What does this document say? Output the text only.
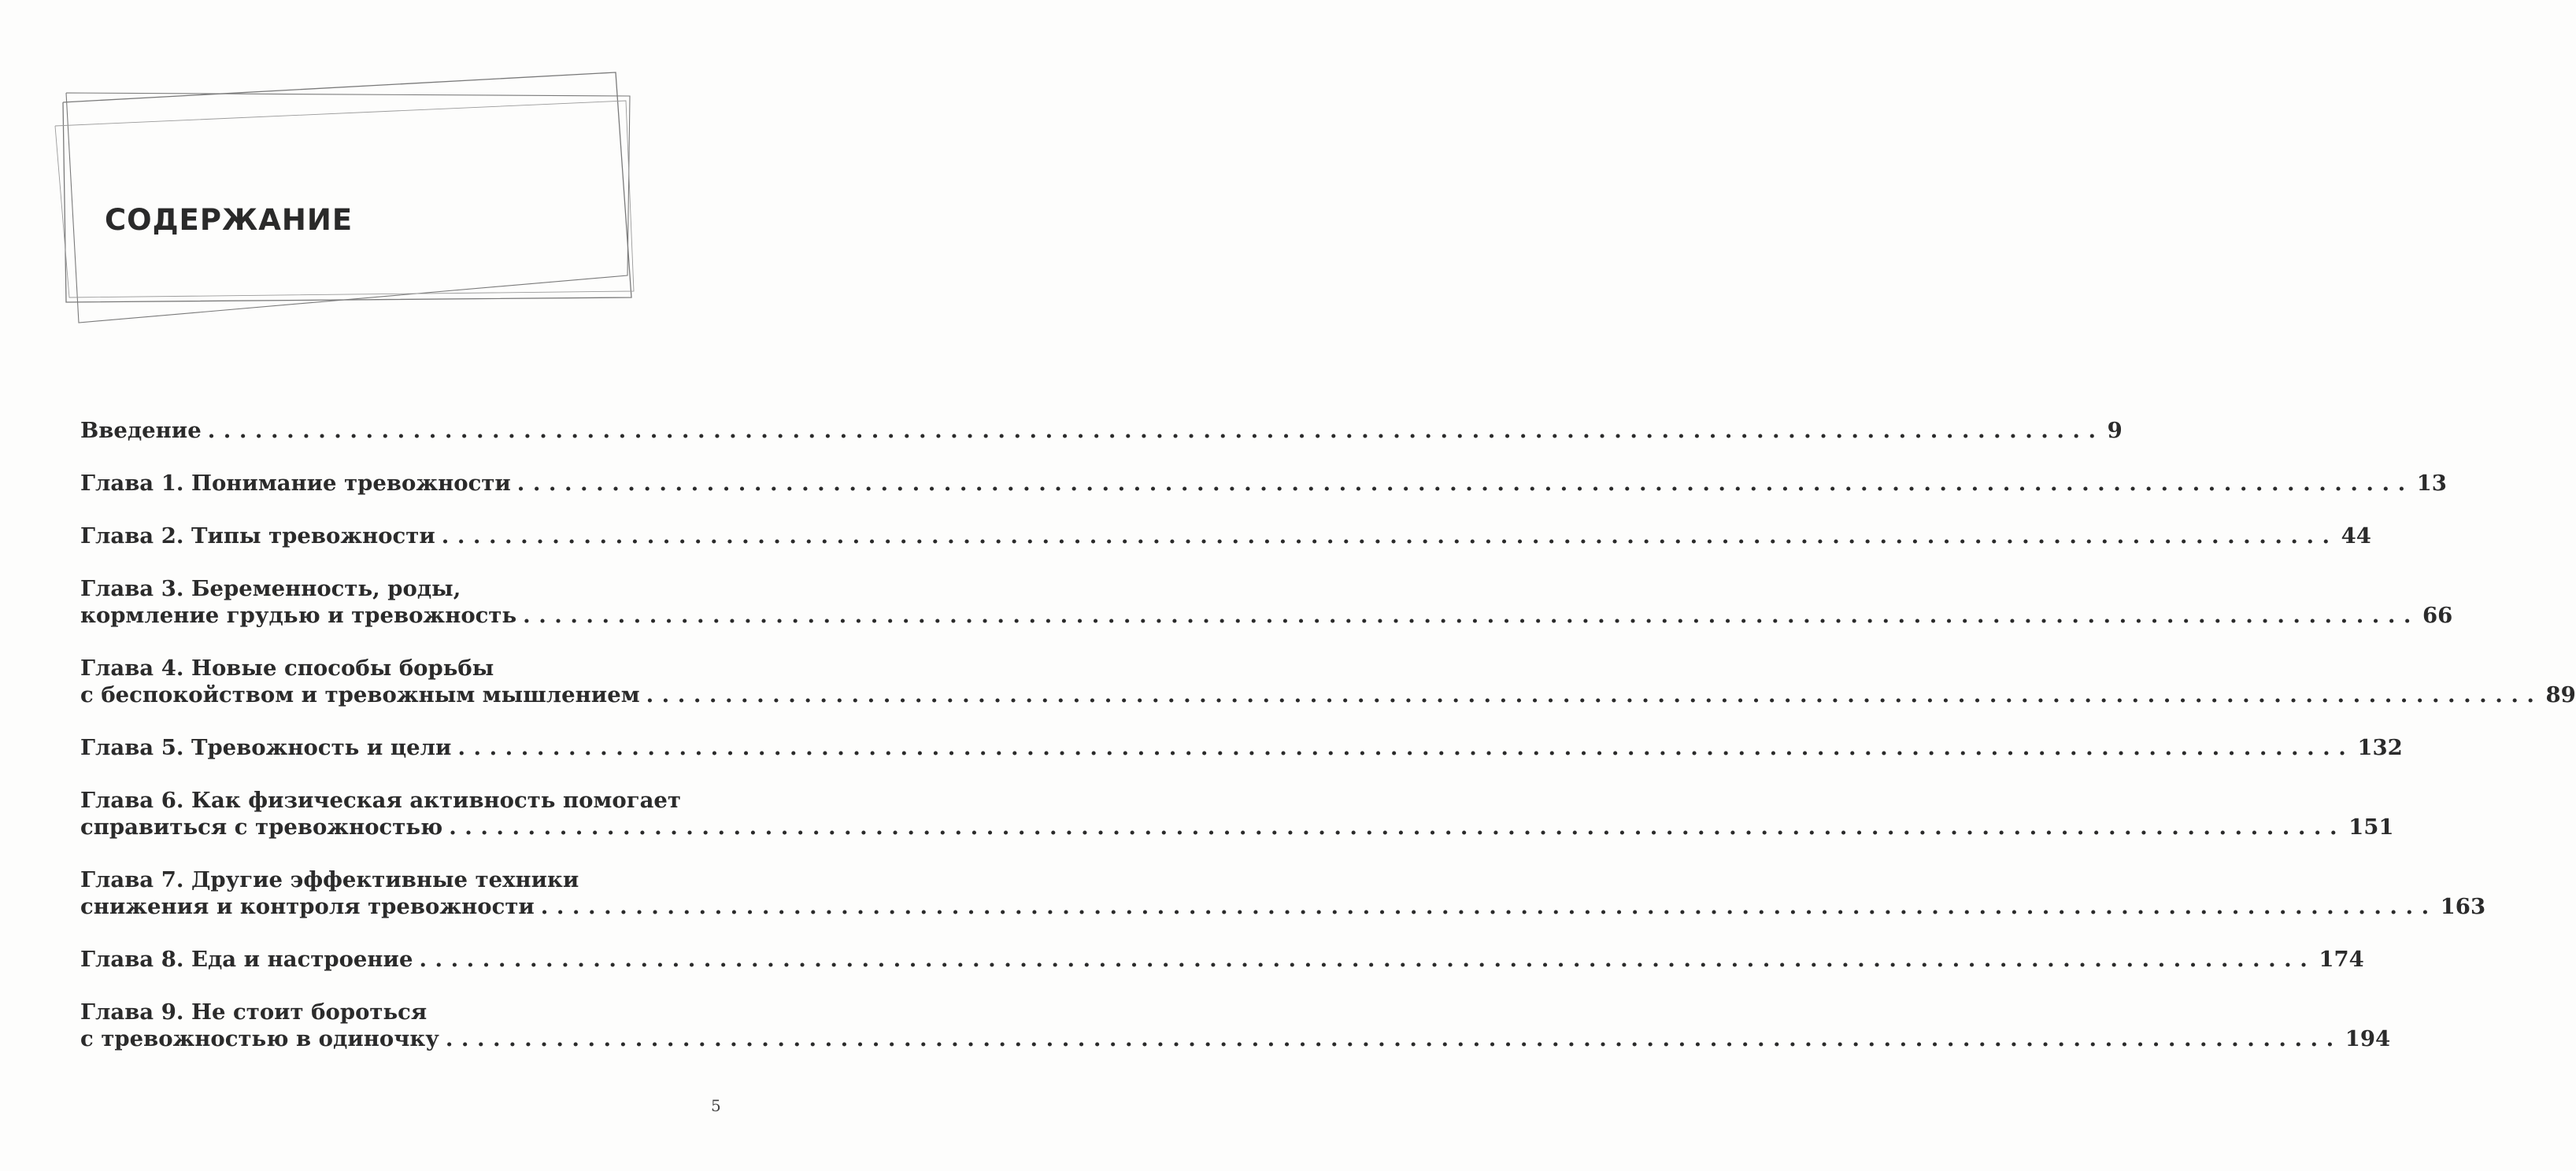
СОДЕРЖАНИЕ
Введение ........................................................................................................................ 9
Глава 1. Понимание тревожности ........................................................................................................................ 13
Глава 2. Типы тревожности ........................................................................................................................ 44
Глава 3. Беременность, роды,
кормление грудью и тревожность ........................................................................................................................ 66
Глава 4. Новые способы борьбы
с беспокойством и тревожным мышлением ........................................................................................................................ 89
Глава 5. Тревожность и цели ........................................................................................................................ 132
Глава 6. Как физическая активность помогает
справиться с тревожностью ........................................................................................................................ 151
Глава 7. Другие эффективные техники
снижения и контроля тревожности ........................................................................................................................ 163
Глава 8. Еда и настроение ........................................................................................................................ 174
Глава 9. Не стоит бороться
с тревожностью в одиночку ........................................................................................................................ 194
5
